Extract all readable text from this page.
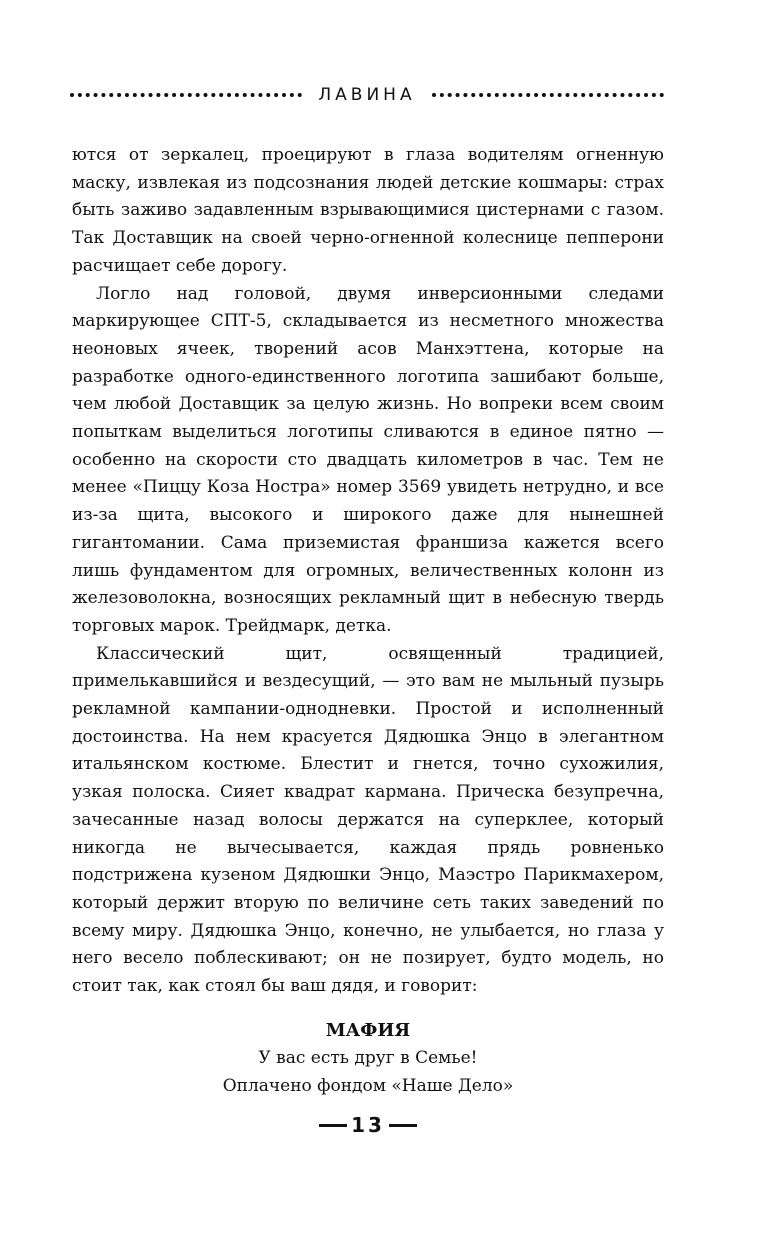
ЛАВИНА

ются от зеркалец, проецируют в глаза водителям огненную маску, извлекая из подсознания людей детские кошмары: страх быть заживо задавленным взрывающимися цистернами с газом. Так Доставщик на своей черно-огненной колеснице пепперони расчищает себе дорогу.

Логло над головой, двумя инверсионными следами маркирующее СПТ-5, складывается из несметного множества неоновых ячеек, творений асов Манхэттена, которые на разработке одного-единственного логотипа зашибают больше, чем любой Доставщик за целую жизнь. Но вопреки всем своим попыткам выделиться логотипы сливаются в единое пятно — особенно на скорости сто двадцать километров в час. Тем не менее «Пиццу Коза Ностра» номер 3569 увидеть нетрудно, и все из-за щита, высокого и широкого даже для нынешней гигантомании. Сама приземистая франшиза кажется всего лишь фундаментом для огромных, величественных колонн из железоволокна, возносящих рекламный щит в небесную твердь торговых марок. Трейдмарк, детка.

Классический щит, освященный традицией, примелькавшийся и вездесущий, — это вам не мыльный пузырь рекламной кампании-однодневки. Простой и исполненный достоинства. На нем красуется Дядюшка Энцо в элегантном итальянском костюме. Блестит и гнется, точно сухожилия, узкая полоска. Сияет квадрат кармана. Прическа безупречна, зачесанные назад волосы держатся на суперклее, который никогда не вычесывается, каждая прядь ровненько подстрижена кузеном Дядюшки Энцо, Маэстро Парикмахером, который держит вторую по величине сеть таких заведений по всему миру. Дядюшка Энцо, конечно, не улыбается, но глаза у него весело поблескивают; он не позирует, будто модель, но стоит так, как стоял бы ваш дядя, и говорит:

МАФИЯ
У вас есть друг в Семье!
Оплачено фондом «Наше Дело»
13
